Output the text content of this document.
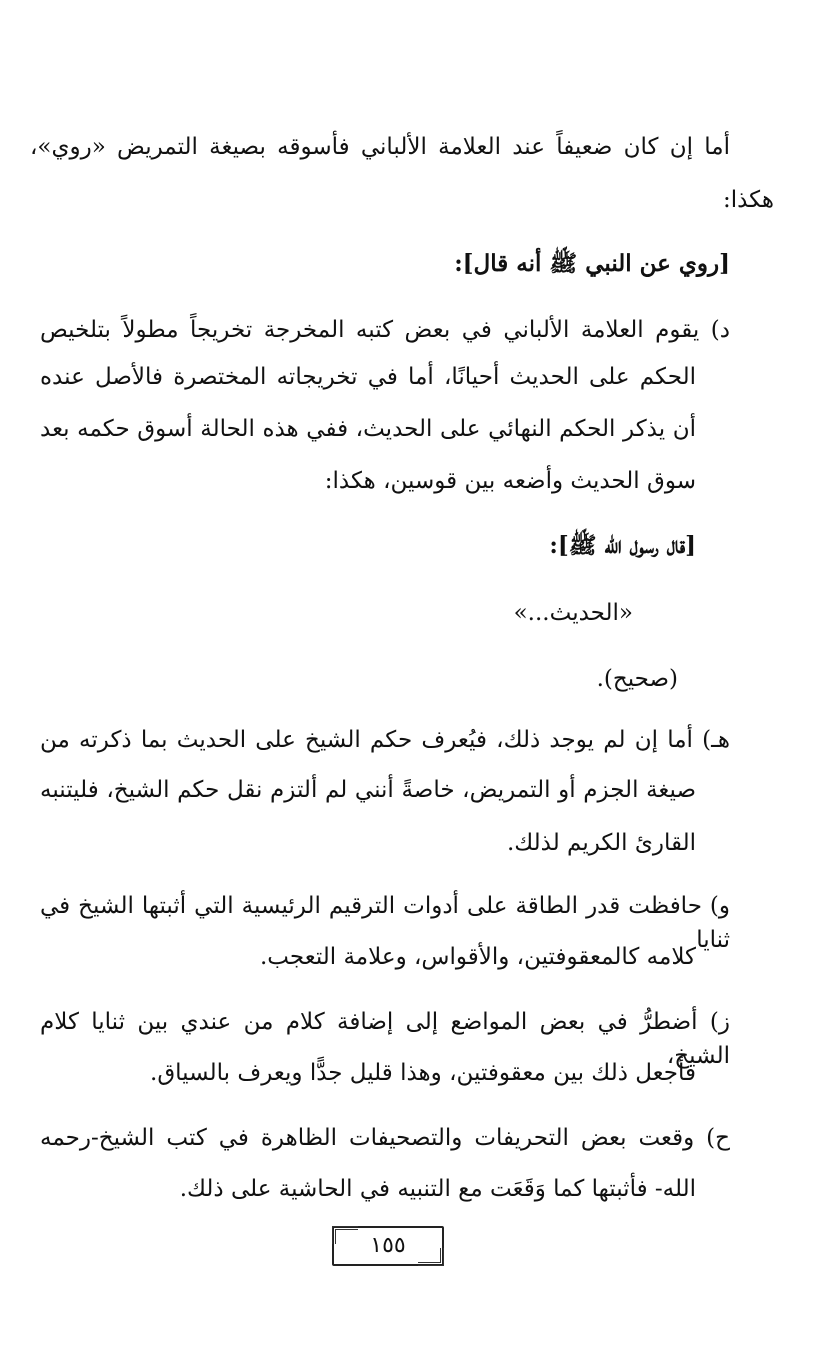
أما إن كان ضعيفاً عند العلامة الألباني فأسوقه بصيغة التمريض «روي»،
هكذا:
[روي عن النبي ﷺ أنه قال]:
د) يقوم العلامة الألباني في بعض كتبه المخرجة تخريجاً مطولاً بتلخيص
الحكم على الحديث أحيانًا، أما في تخريجاته المختصرة فالأصل عنده
أن يذكر الحكم النهائي على الحديث، ففي هذه الحالة أسوق حكمه بعد
سوق الحديث وأضعه بين قوسين، هكذا:
[قال رسول الله ﷺ]:
«الحديث...»
(صحيح).
هـ) أما إن لم يوجد ذلك، فيُعرف حكم الشيخ على الحديث بما ذكرته من
صيغة الجزم أو التمريض، خاصةً أنني لم ألتزم نقل حكم الشيخ، فليتنبه
القارئ الكريم لذلك.
و) حافظت قدر الطاقة على أدوات الترقيم الرئيسية التي أثبتها الشيخ في ثنايا
كلامه كالمعقوفتين، والأقواس، وعلامة التعجب.
ز) أضطرُّ في بعض المواضع إلى إضافة كلام من عندي بين ثنايا كلام الشيخ،
فأجعل ذلك بين معقوفتين، وهذا قليل جدًّا ويعرف بالسياق.
ح) وقعت بعض التحريفات والتصحيفات الظاهرة في كتب الشيخ-رحمه
الله- فأثبتها كما وَقَعَت مع التنبيه في الحاشية على ذلك.
١٥٥
